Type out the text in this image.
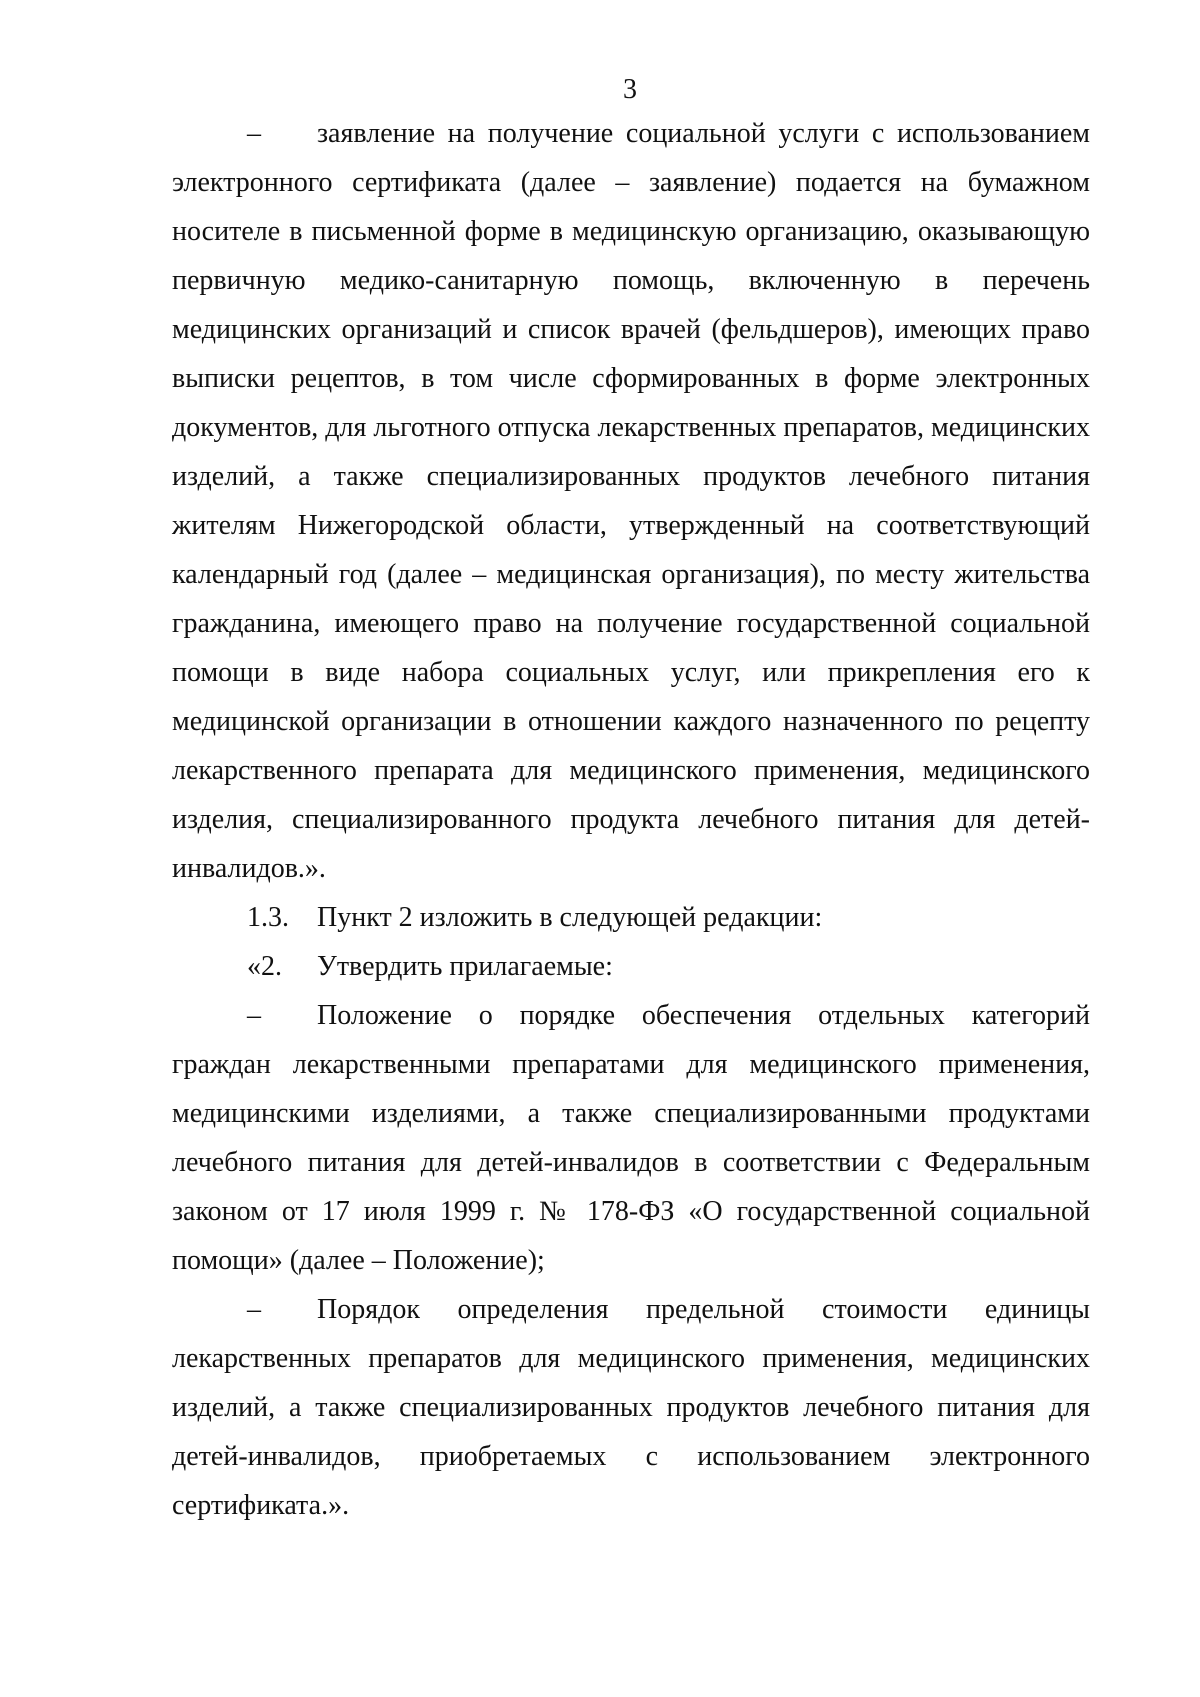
3

– заявление на получение социальной услуги с использованием электронного сертификата (далее – заявление) подается на бумажном носителе в письменной форме в медицинскую организацию, оказывающую первичную медико-санитарную помощь, включенную в перечень медицинских организаций и список врачей (фельдшеров), имеющих право выписки рецептов, в том числе сформированных в форме электронных документов, для льготного отпуска лекарственных препаратов, медицинских изделий, а также специализированных продуктов лечебного питания жителям Нижегородской области, утвержденный на соответствующий календарный год (далее – медицинская организация), по месту жительства гражданина, имеющего право на получение государственной социальной помощи в виде набора социальных услуг, или прикрепления его к медицинской организации в отношении каждого назначенного по рецепту лекарственного препарата для медицинского применения, медицинского изделия, специализированного продукта лечебного питания для детей-инвалидов.».

1.3. Пункт 2 изложить в следующей редакции:

«2. Утвердить прилагаемые:

– Положение о порядке обеспечения отдельных категорий граждан лекарственными препаратами для медицинского применения, медицинскими изделиями, а также специализированными продуктами лечебного питания для детей-инвалидов в соответствии с Федеральным законом от 17 июля 1999 г. № 178-ФЗ «О государственной социальной помощи» (далее – Положение);

– Порядок определения предельной стоимости единицы лекарственных препаратов для медицинского применения, медицинских изделий, а также специализированных продуктов лечебного питания для детей-инвалидов, приобретаемых с использованием электронного сертификата.».
